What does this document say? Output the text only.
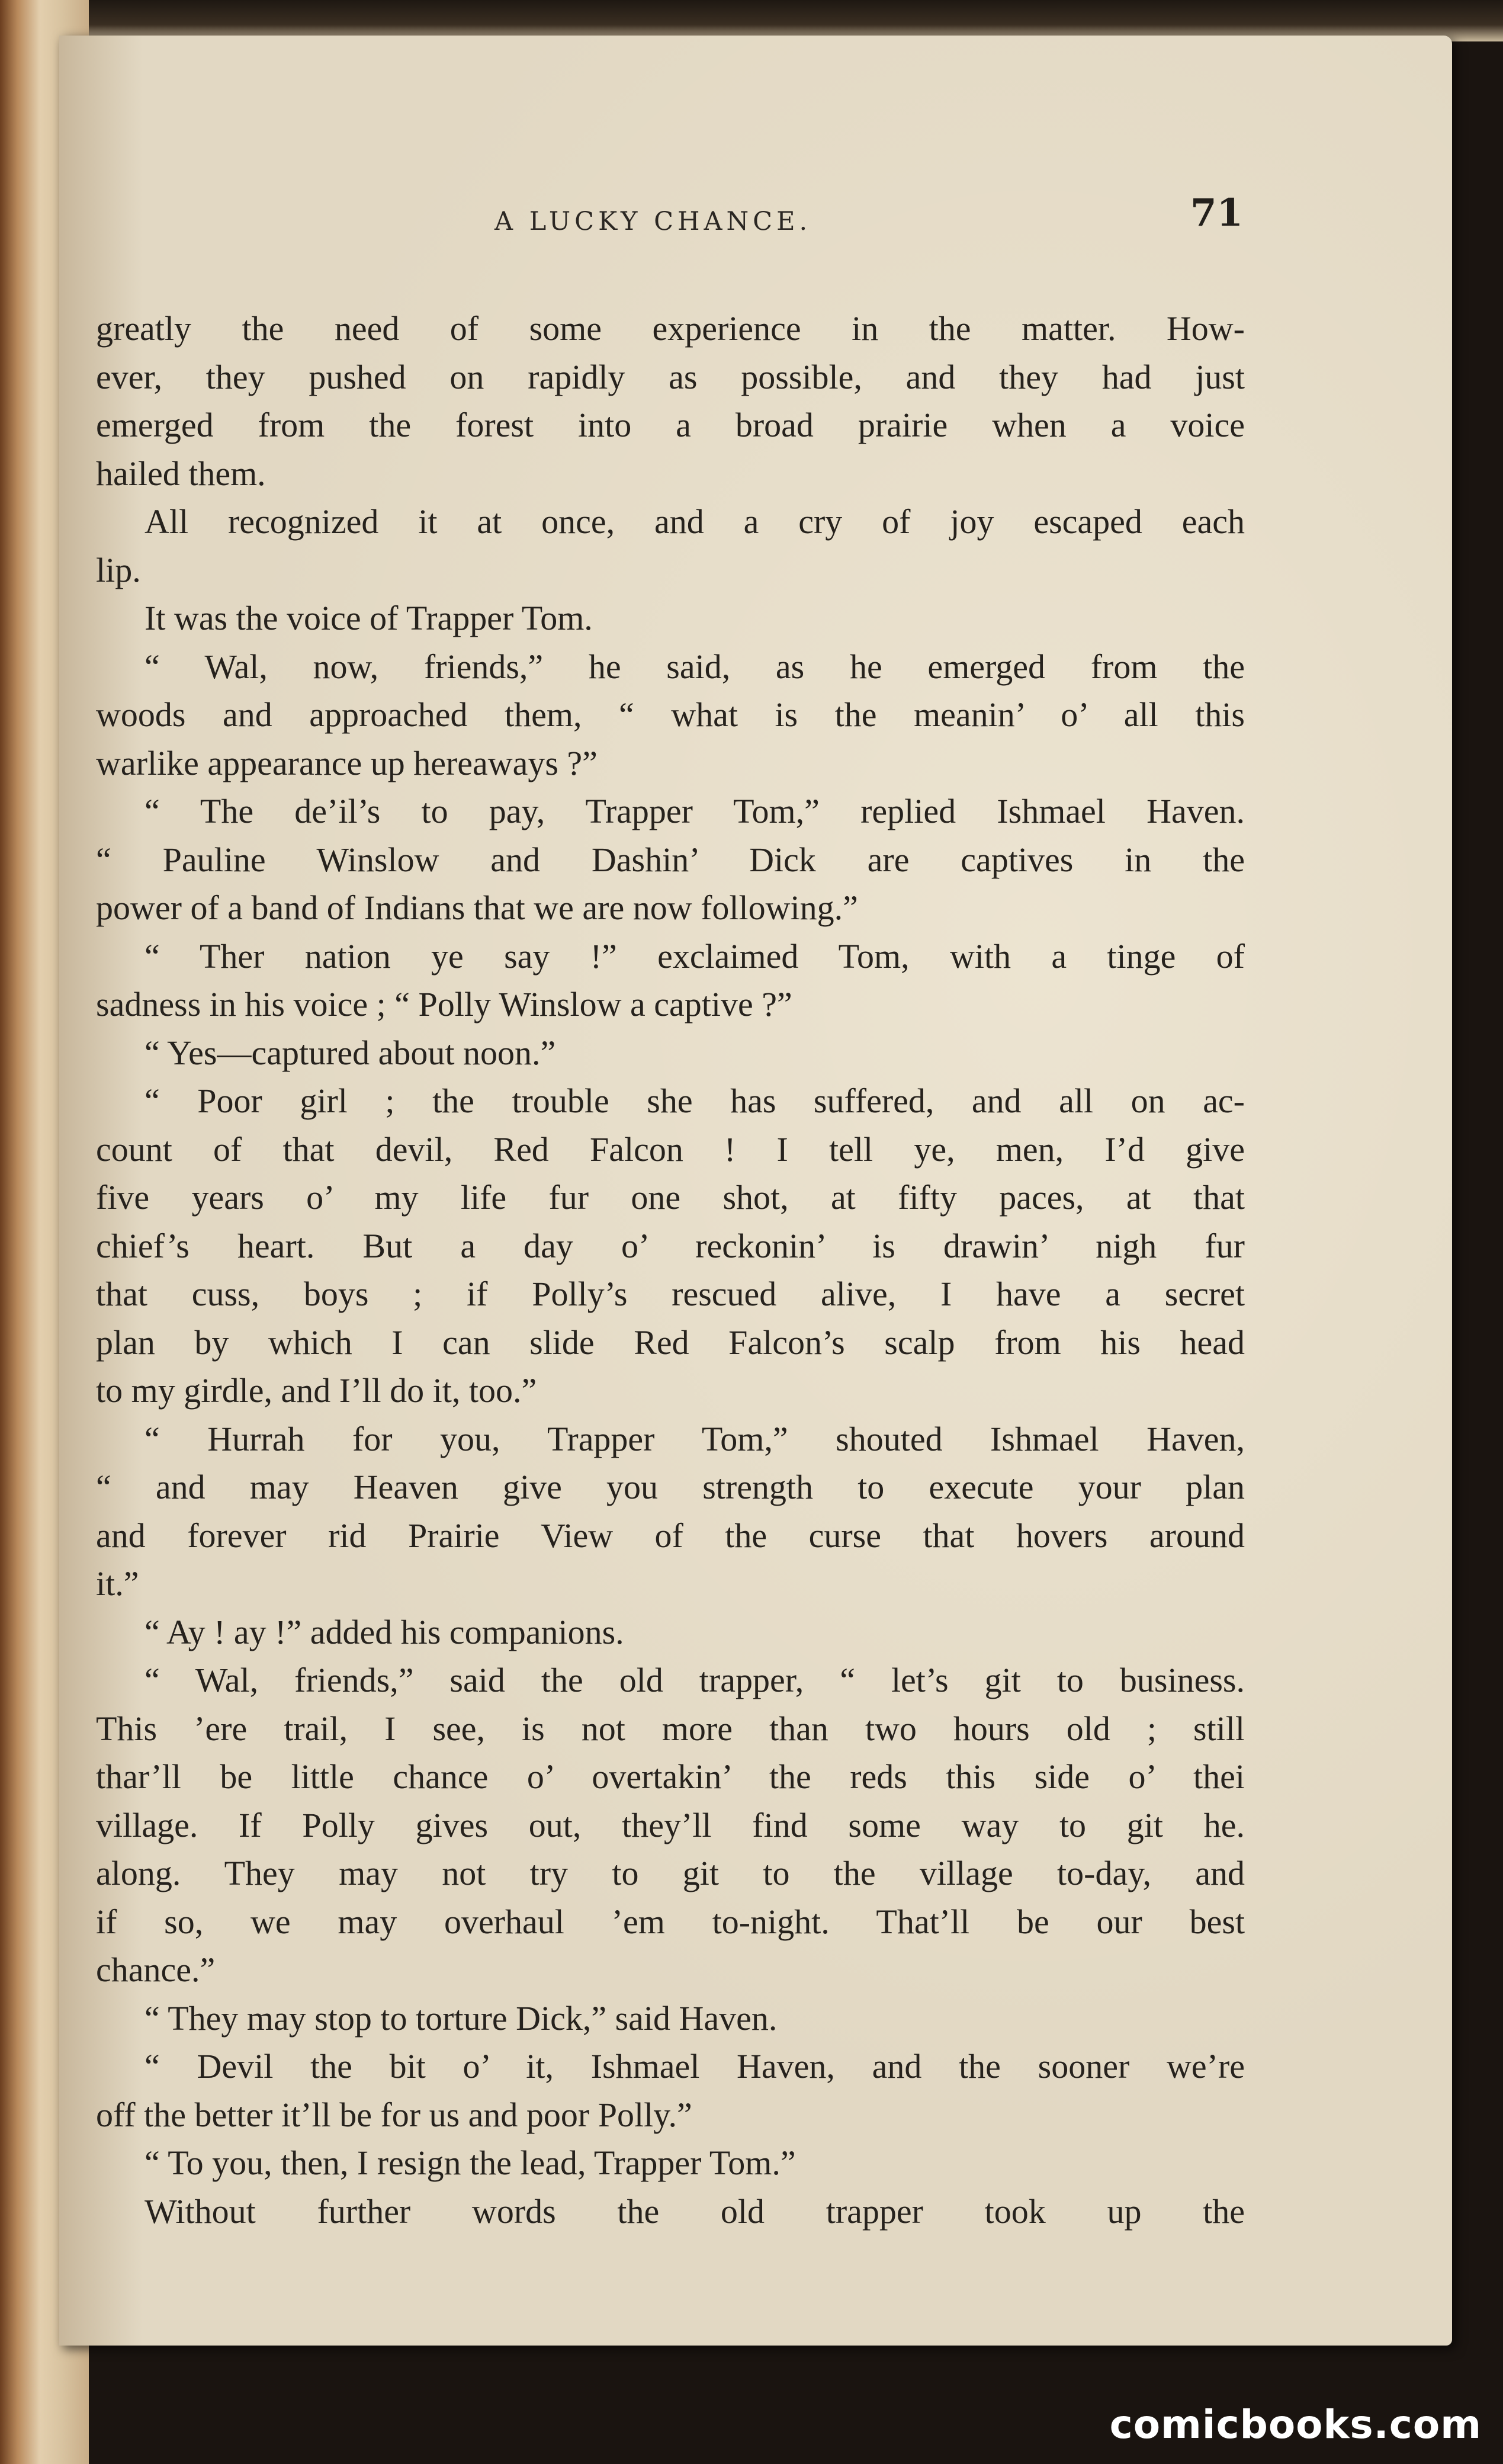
A LUCKY CHANCE.	71
greatly the need of some experience in the matter. How-
ever, they pushed on rapidly as possible, and they had just
emerged from the forest into a broad prairie when a voice
hailed them.
All recognized it at once, and a cry of joy escaped each
lip.
It was the voice of Trapper Tom.
“ Wal, now, friends,” he said, as he emerged from the
woods and approached them, “ what is the meanin’ o’ all this
warlike appearance up hereaways ?”
“ The de’il’s to pay, Trapper Tom,” replied Ishmael Haven.
“ Pauline Winslow and Dashin’ Dick are captives in the
power of a band of Indians that we are now following.”
“ Ther nation ye say !” exclaimed Tom, with a tinge of
sadness in his voice ; “ Polly Winslow a captive ?”
“ Yes—captured about noon.”
“ Poor girl ; the trouble she has suffered, and all on ac-
count of that devil, Red Falcon ! I tell ye, men, I’d give
five years o’ my life fur one shot, at fifty paces, at that
chief’s heart. But a day o’ reckonin’ is drawin’ nigh fur
that cuss, boys ; if Polly’s rescued alive, I have a secret
plan by which I can slide Red Falcon’s scalp from his head
to my girdle, and I’ll do it, too.”
“ Hurrah for you, Trapper Tom,” shouted Ishmael Haven,
“ and may Heaven give you strength to execute your plan
and forever rid Prairie View of the curse that hovers around
it.”
“ Ay ! ay !” added his companions.
“ Wal, friends,” said the old trapper, “ let’s git to business.
This ’ere trail, I see, is not more than two hours old ; still
thar’ll be little chance o’ overtakin’ the reds this side o’ thei
village. If Polly gives out, they’ll find some way to git he.
along. They may not try to git to the village to-day, and
if so, we may overhaul ’em to-night. That’ll be our best
chance.”
“ They may stop to torture Dick,” said Haven.
“ Devil the bit o’ it, Ishmael Haven, and the sooner we’re
off the better it’ll be for us and poor Polly.”
“ To you, then, I resign the lead, Trapper Tom.”
Without further words the old trapper took up the
comicbooks.com
